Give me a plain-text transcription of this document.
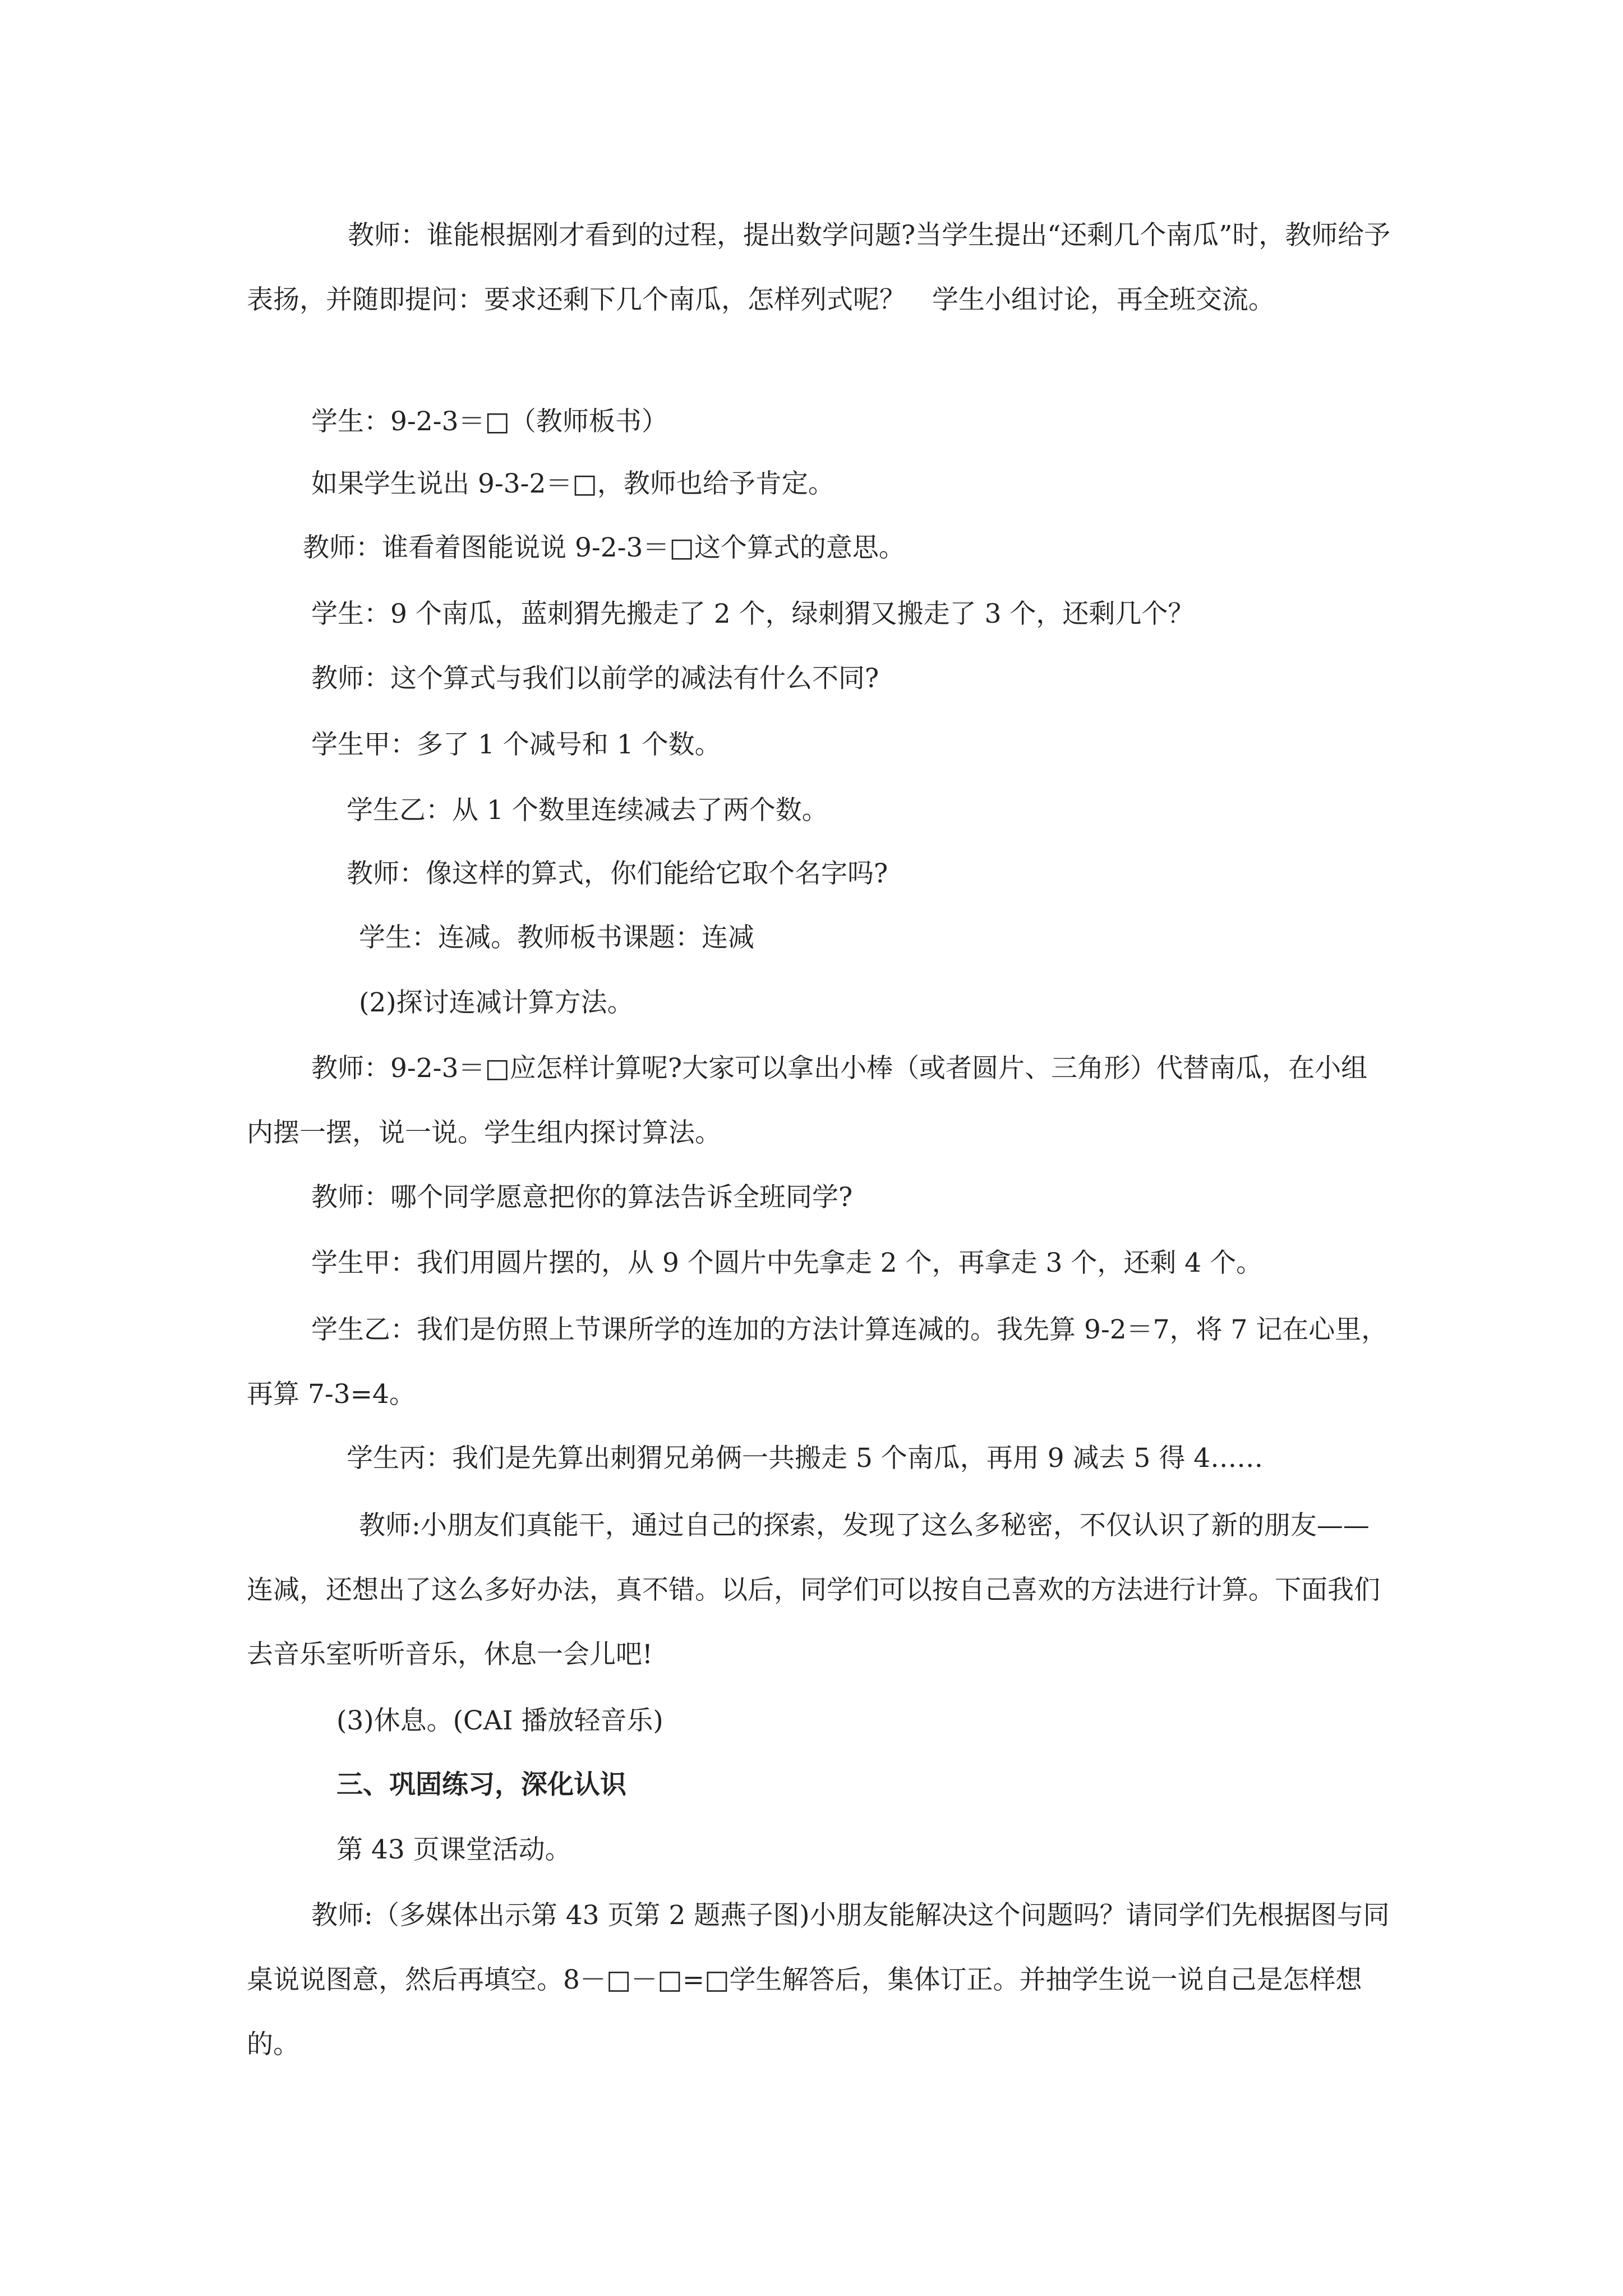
教师：谁能根据刚才看到的过程，提出数学问题?当学生提出“还剩几个南瓜”时，教师给予表扬，并随即提问：要求还剩下几个南瓜，怎样列式呢？　学生小组讨论，再全班交流。

学生：9-2-3＝□（教师板书）

如果学生说出 9-3-2＝□，教师也给予肯定。

教师：谁看着图能说说 9-2-3＝□这个算式的意思。

学生：9 个南瓜，蓝刺猬先搬走了 2 个，绿刺猬又搬走了 3 个，还剩几个？

教师：这个算式与我们以前学的减法有什么不同?

学生甲：多了 1 个减号和 1 个数。

学生乙：从 1 个数里连续减去了两个数。

教师：像这样的算式，你们能给它取个名字吗?

学生：连减。教师板书课题：连减

(2)探讨连减计算方法。

教师：9-2-3＝□应怎样计算呢?大家可以拿出小棒（或者圆片、三角形）代替南瓜，在小组内摆一摆，说一说。学生组内探讨算法。

教师：哪个同学愿意把你的算法告诉全班同学?

学生甲：我们用圆片摆的，从 9 个圆片中先拿走 2 个，再拿走 3 个，还剩 4 个。

学生乙：我们是仿照上节课所学的连加的方法计算连减的。我先算 9-2＝7，将 7 记在心里，再算 7-3=4。

学生丙：我们是先算出刺猬兄弟俩一共搬走 5 个南瓜，再用 9 减去 5 得 4……

教师:小朋友们真能干，通过自己的探索，发现了这么多秘密，不仅认识了新的朋友——连减，还想出了这么多好办法，真不错。以后，同学们可以按自己喜欢的方法进行计算。下面我们去音乐室听听音乐，休息一会儿吧!

(3)休息。(CAI 播放轻音乐)

三、巩固练习，深化认识

第 43 页课堂活动。

教师:（多媒体出示第 43 页第 2 题燕子图)小朋友能解决这个问题吗？请同学们先根据图与同桌说说图意，然后再填空。8－□－□=□学生解答后，集体订正。并抽学生说一说自己是怎样想的。
